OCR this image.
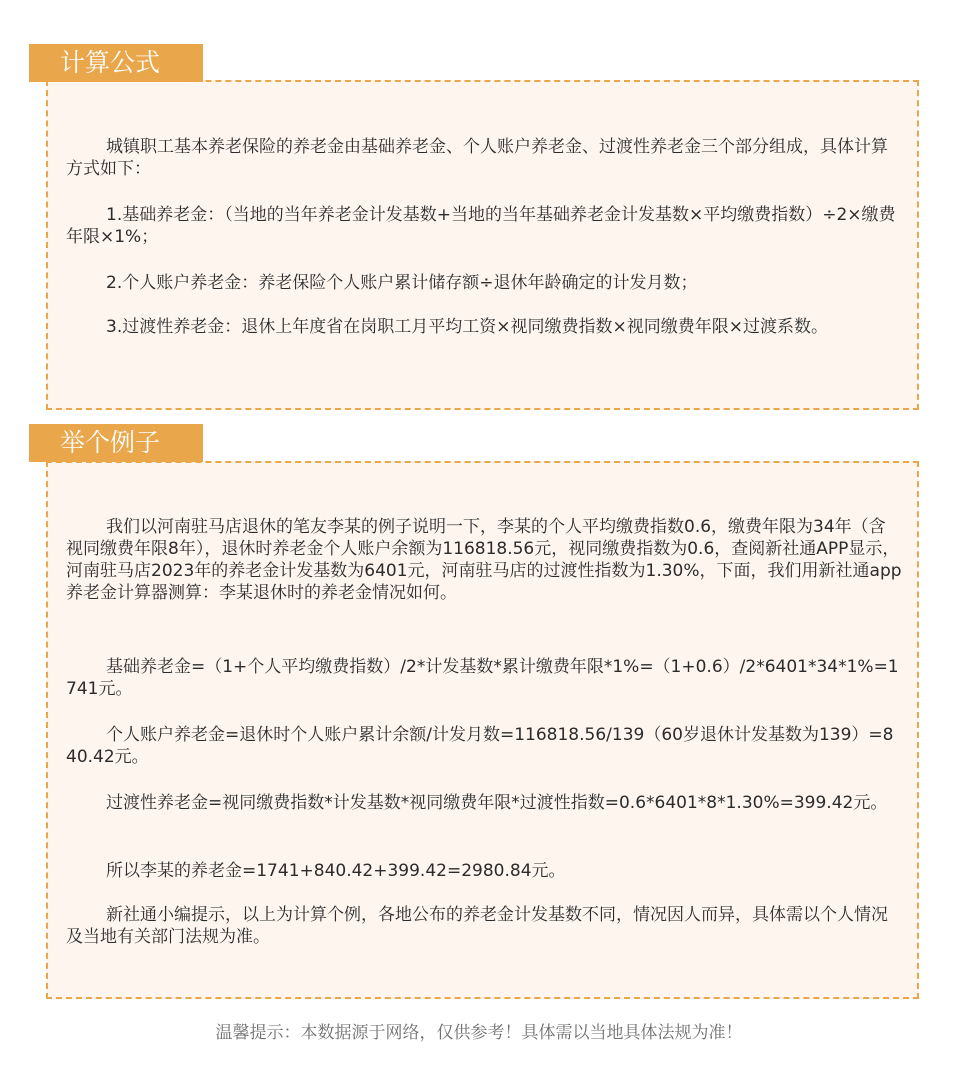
计算公式

城镇职工基本养老保险的养老金由基础养老金、个人账户养老金、过渡性养老金三个部分组成，具体计算方式如下：

1.基础养老金：（当地的当年养老金计发基数+当地的当年基础养老金计发基数×平均缴费指数）÷2×缴费年限×1%；

2.个人账户养老金：养老保险个人账户累计储存额÷退休年龄确定的计发月数；

3.过渡性养老金：退休上年度省在岗职工月平均工资×视同缴费指数×视同缴费年限×过渡系数。

举个例子

我们以河南驻马店退休的笔友李某的例子说明一下，李某的个人平均缴费指数0.6，缴费年限为34年（含视同缴费年限8年），退休时养老金个人账户余额为116818.56元，视同缴费指数为0.6，查阅新社通APP显示，河南驻马店2023年的养老金计发基数为6401元，河南驻马店的过渡性指数为1.30%，下面，我们用新社通app养老金计算器测算：李某退休时的养老金情况如何。

基础养老金=（1+个人平均缴费指数）/2*计发基数*累计缴费年限*1%=（1+0.6）/2*6401*34*1%=1741元。

个人账户养老金=退休时个人账户累计余额/计发月数=116818.56/139（60岁退休计发基数为139）=840.42元。

过渡性养老金=视同缴费指数*计发基数*视同缴费年限*过渡性指数=0.6*6401*8*1.30%=399.42元。

所以李某的养老金=1741+840.42+399.42=2980.84元。

新社通小编提示，以上为计算个例，各地公布的养老金计发基数不同，情况因人而异，具体需以个人情况及当地有关部门法规为准。

温馨提示：本数据源于网络，仅供参考！具体需以当地具体法规为准！
